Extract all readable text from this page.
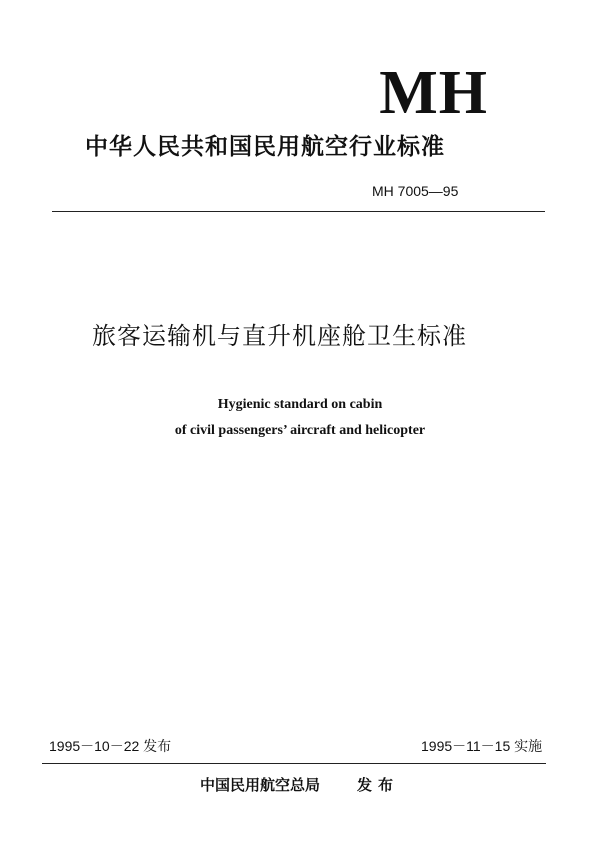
MH
中华人民共和国民用航空行业标准
MH 7005—95
旅客运输机与直升机座舱卫生标准
Hygienic standard on cabin
of civil passengers’ aircraft and helicopter
1995－10－22 发布	1995－11－15 实施
中国民用航空总局 发布
